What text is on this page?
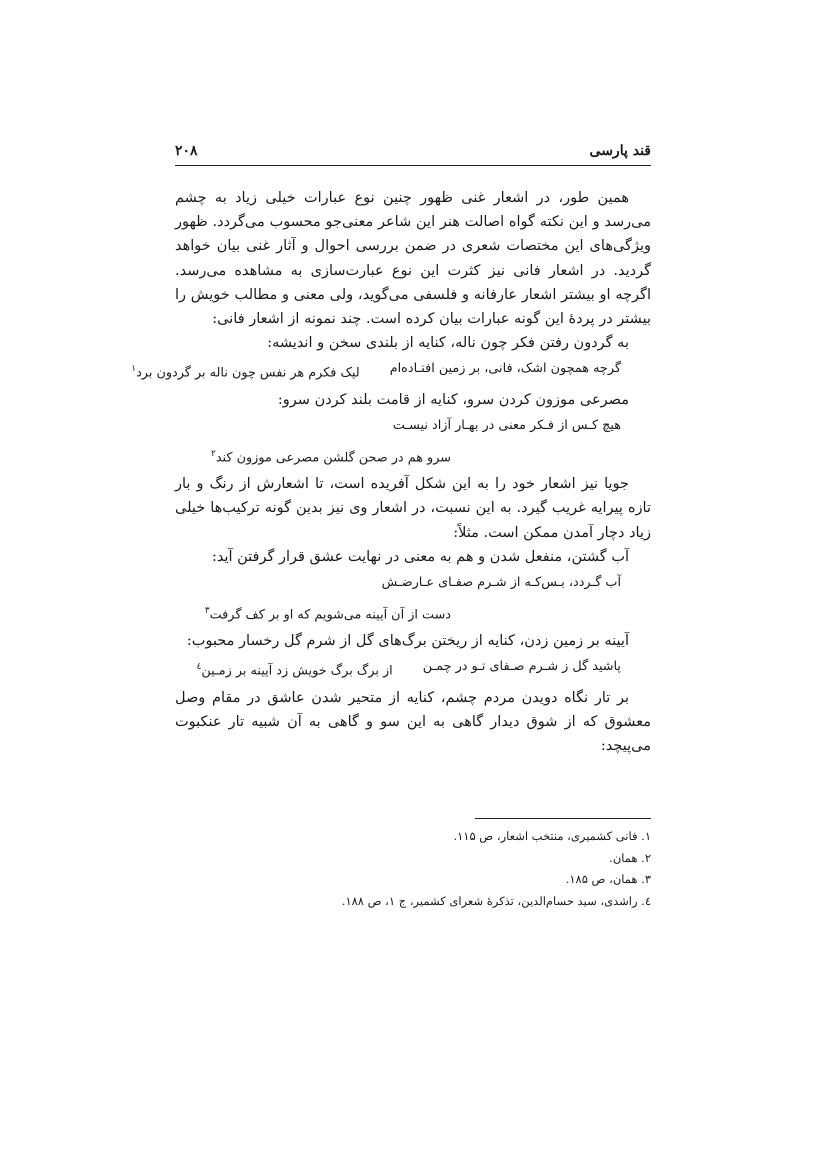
قند پارسی
۲۰۸

همین طور، در اشعار غنی ظهور چنین نوع عبارات خیلی زیاد به چشم می‌رسد و این نکته گواه اصالت هنر این شاعر معنی‌جو محسوب می‌گردد. ظهور ویژگی‌های این مختصات شعری در ضمن بررسی احوال و آثار غنی بیان خواهد گردید. در اشعار فانی نیز کثرت این نوع عبارت‌سازی به مشاهده می‌رسد. اگرچه او بیشتر اشعار عارفانه و فلسفی می‌گوید، ولی معنی و مطالب خویش را بیشتر در پردهٔ این گونه عبارات بیان کرده است. چند نمونه از اشعار فانی:

به گردون رفتن فکر چون ناله، کنایه از بلندی سخن و اندیشه:

گرچه همچون اشک، فانی، بر زمین افتـاده‌ام
لیک فکرم هر نفس چون ناله بر گردون برد$^۱$

مصرعی موزون کردن سرو، کنایه از قامت بلند کردن سرو:

هیچ کـس از فـکر معنی در بهـار آزاد نیسـت

سرو هم در صحن گلشن مصرعی موزون کند$^۲$

جویا نیز اشعار خود را به این شکل آفریده است، تا اشعارش از رنگ و بار تازه پیرایه غریب گیرد. به این نسبت، در اشعار وی نیز بدین گونه ترکیب‌ها خیلی زیاد دچار آمدن ممکن است. مثلاً:

آب گشتن، منفعل شدن و هم به معنی در نهایت عشق قرار گرفتن آید:

آب گـردد، بـس‌کـه از شـرم صفـای عـارضـش

دست از آن آیینه می‌شویم که او بر کف گرفت$^۳$

آیینه بر زمین زدن، کنایه از ریختن برگ‌های گل از شرم گل رخسار محبوب:

پاشید گل ز شـرم صـفای تـو در چمـن
از برگ برگ خویش زد آیینه بر زمـین$^٤$

بر تار نگاه دویدن مردم چشم، کنایه از متحیر شدن عاشق در مقام وصل معشوق که از شوق دیدار گاهی به این سو و گاهی به آن شبیه تار عنکبوت می‌پیچد:

۱. فانی کشمیری، منتخب اشعار، ص ۱۱۵.

۲. همان.

۳. همان، ص ۱۸۵.

٤. راشدی، سید حسام‌الدین، تذکرهٔ شعرای کشمیر، ج ۱، ص ۱۸۸.
